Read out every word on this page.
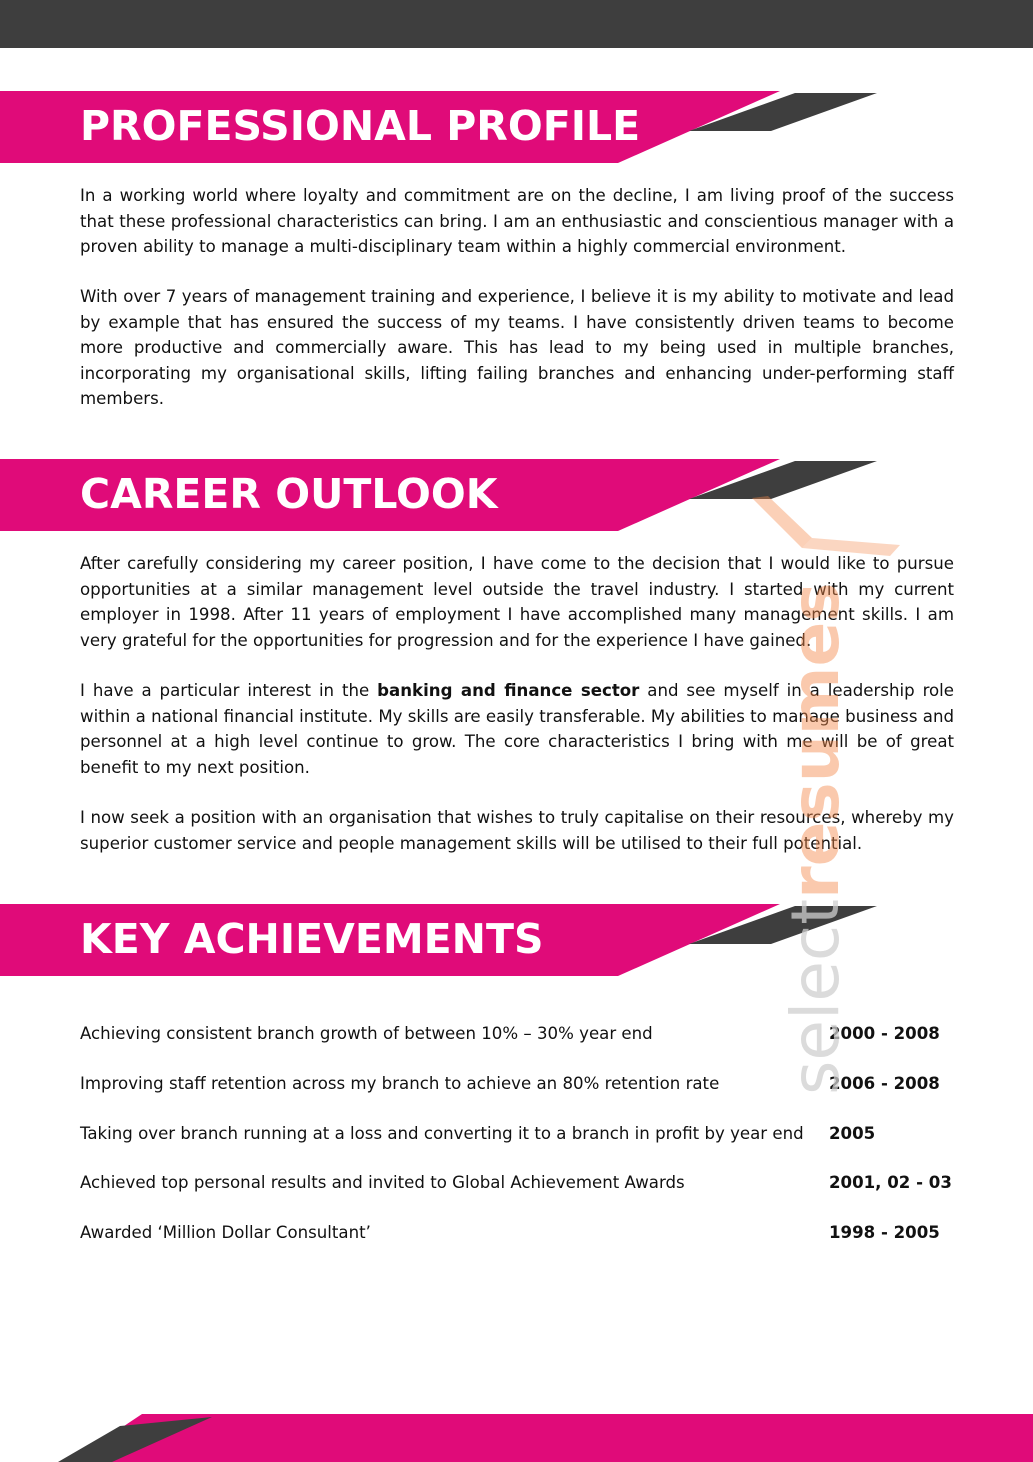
PROFESSIONAL PROFILE

In a working world where loyalty and commitment are on the decline, I am living proof of the success that these professional characteristics can bring. I am an enthusiastic and conscientious manager with a proven ability to manage a multi-disciplinary team within a highly commercial environment.

With over 7 years of management training and experience, I believe it is my ability to motivate and lead by example that has ensured the success of my teams. I have consistently driven teams to become more productive and commercially aware. This has lead to my being used in multiple branches, incorporating my organisational skills, lifting failing branches and enhancing under-performing staff members.

CAREER OUTLOOK

After carefully considering my career position, I have come to the decision that I would like to pursue opportunities at a similar management level outside the travel industry. I started with my current employer in 1998. After 11 years of employment I have accomplished many management skills. I am very grateful for the opportunities for progression and for the experience I have gained.

I have a particular interest in the banking and finance sector and see myself in a leadership role within a national financial institute. My skills are easily transferable. My abilities to manage business and personnel at a high level continue to grow. The core characteristics I bring with me will be of great benefit to my next position.

I now seek a position with an organisation that wishes to truly capitalise on their resources, whereby my superior customer service and people management skills will be utilised to their full potential.

KEY ACHIEVEMENTS
Achieving consistent branch growth of between 10% – 30% year end	2000 - 2008
Improving staff retention across my branch to achieve an 80% retention rate	2006 - 2008
Taking over branch running at a loss and converting it to a branch in profit by year end 2005
Achieved top personal results and invited to Global Achievement Awards	2001, 02 - 03
Awarded ‘Million Dollar Consultant’	1998 - 2005
selectresumes
